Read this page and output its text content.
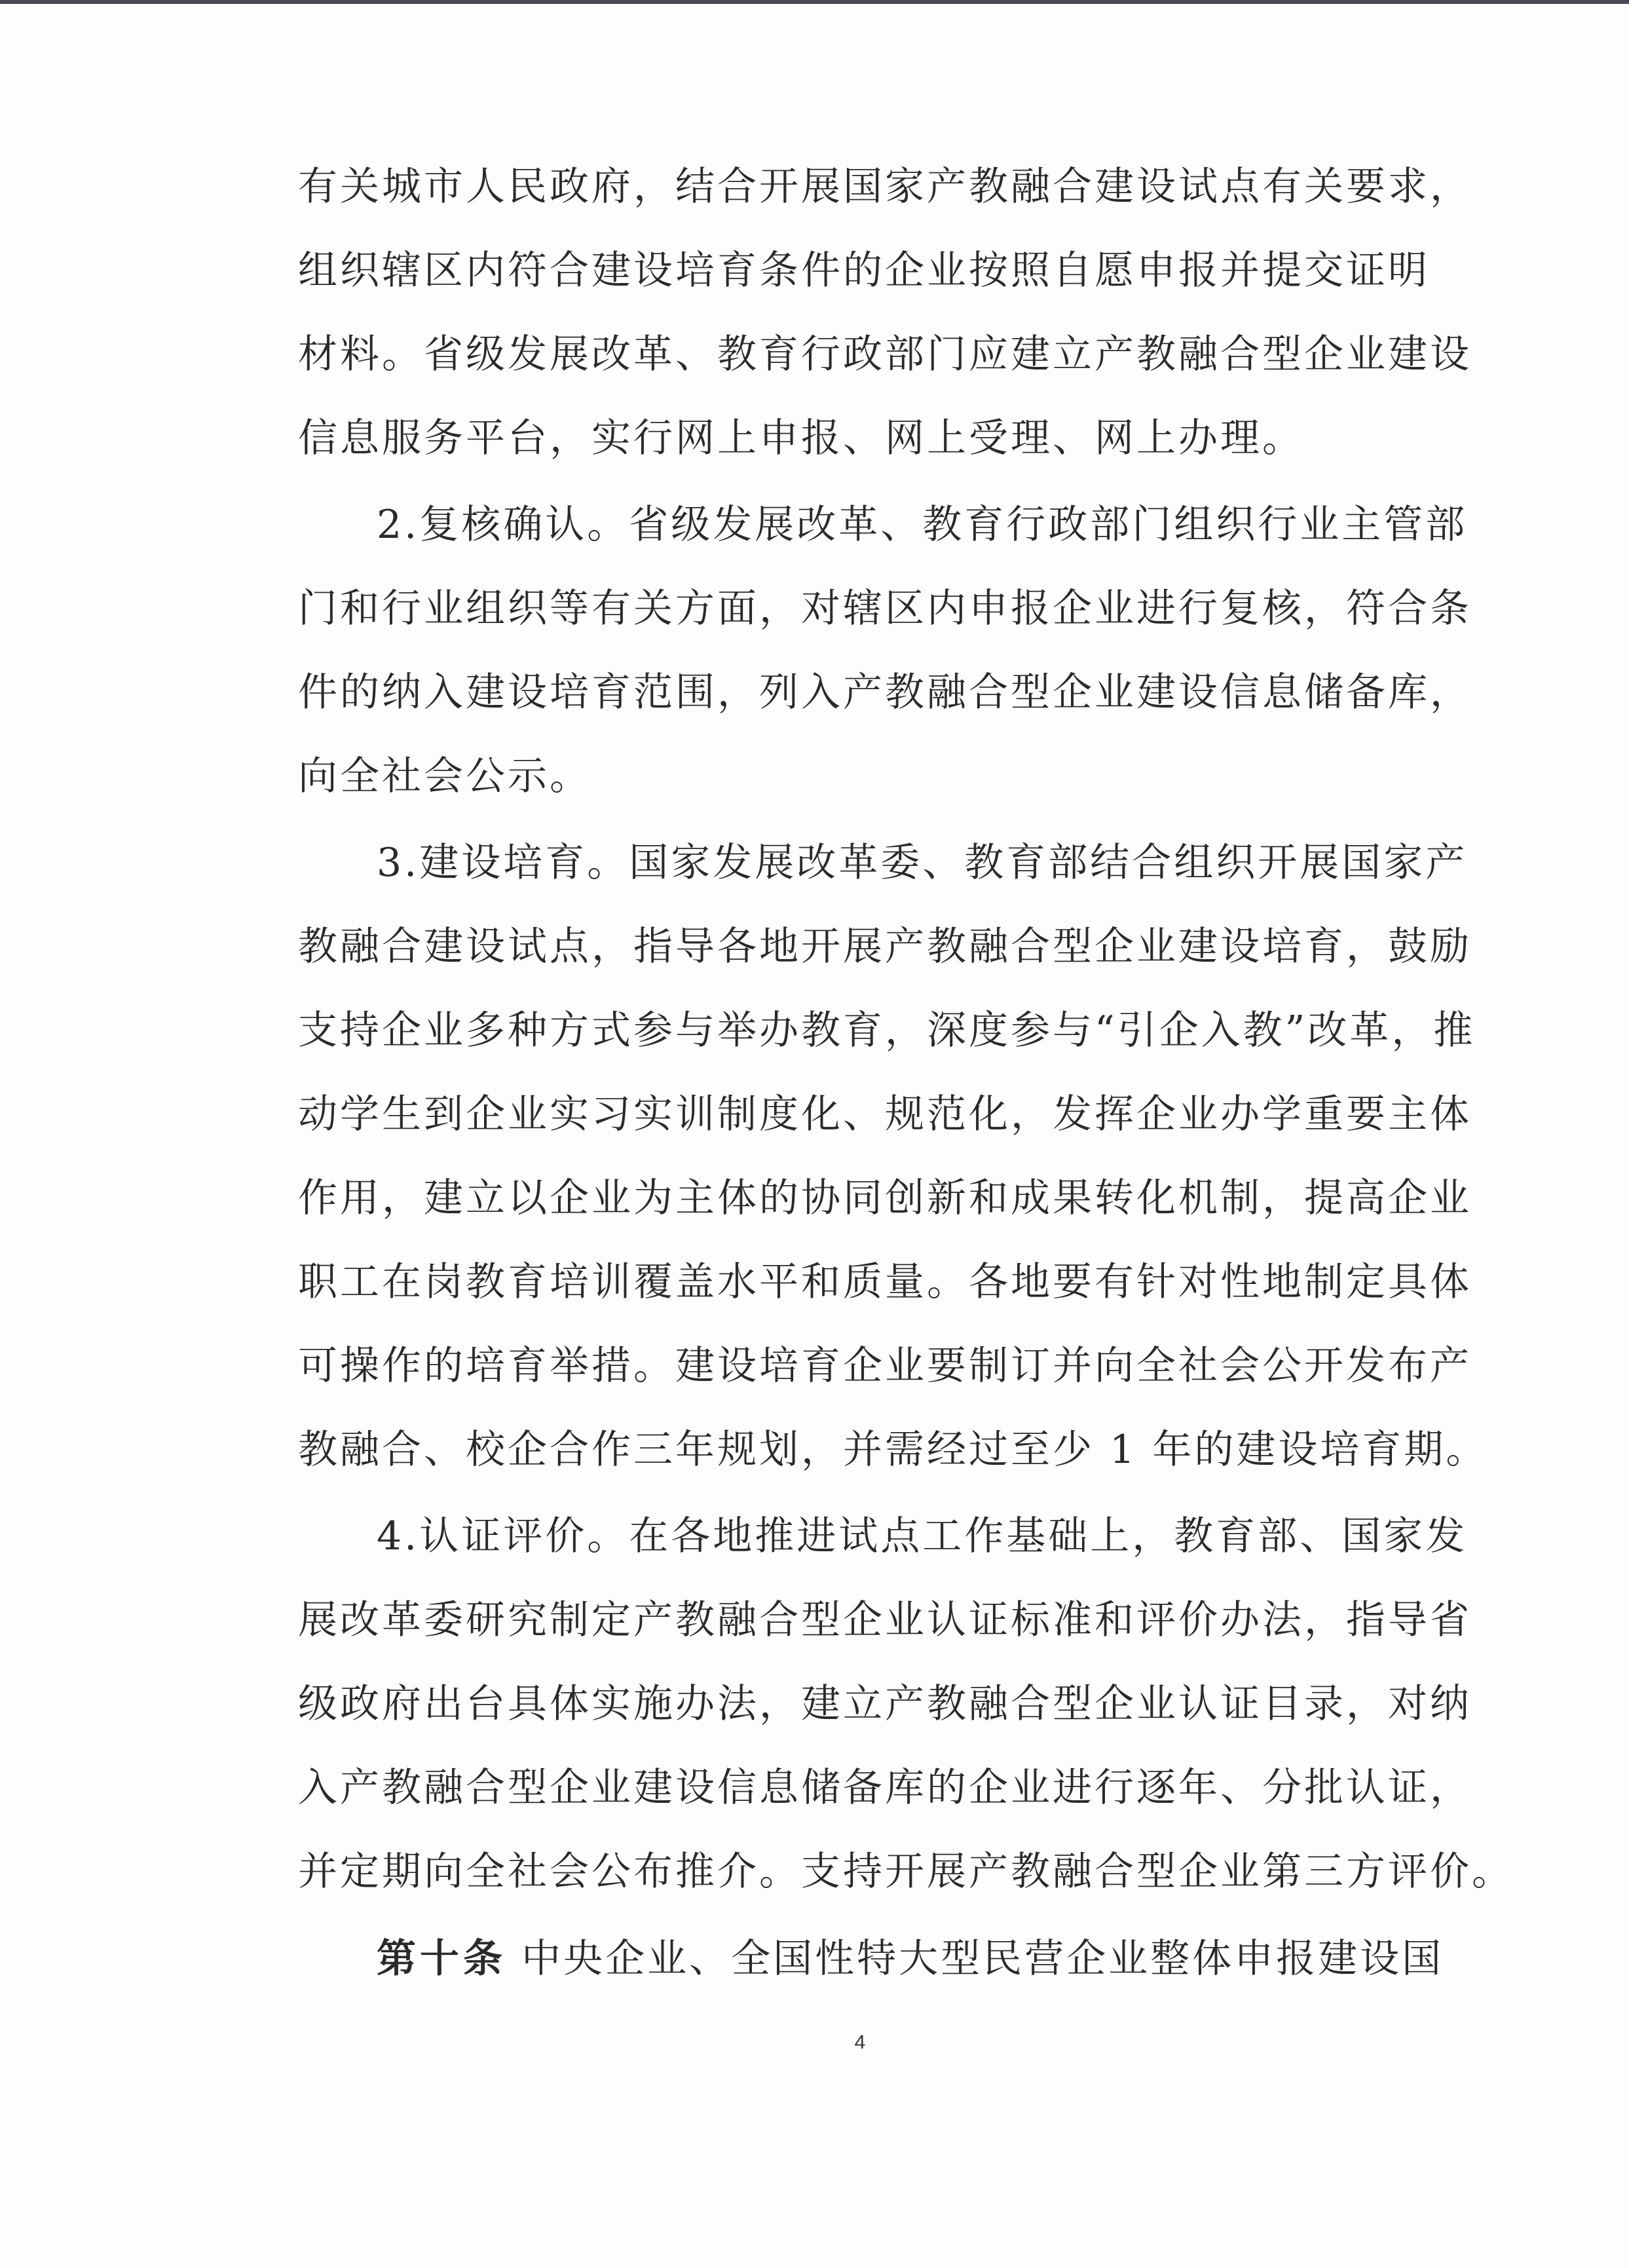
有关城市人民政府，结合开展国家产教融合建设试点有关要求，
组织辖区内符合建设培育条件的企业按照自愿申报并提交证明
材料。省级发展改革、教育行政部门应建立产教融合型企业建设
信息服务平台，实行网上申报、网上受理、网上办理。
2.复核确认。省级发展改革、教育行政部门组织行业主管部
门和行业组织等有关方面，对辖区内申报企业进行复核，符合条
件的纳入建设培育范围，列入产教融合型企业建设信息储备库，
向全社会公示。
3.建设培育。国家发展改革委、教育部结合组织开展国家产
教融合建设试点，指导各地开展产教融合型企业建设培育，鼓励
支持企业多种方式参与举办教育，深度参与“引企入教”改革，推
动学生到企业实习实训制度化、规范化，发挥企业办学重要主体
作用，建立以企业为主体的协同创新和成果转化机制，提高企业
职工在岗教育培训覆盖水平和质量。各地要有针对性地制定具体
可操作的培育举措。建设培育企业要制订并向全社会公开发布产
教融合、校企合作三年规划，并需经过至少 1 年的建设培育期。
4.认证评价。在各地推进试点工作基础上，教育部、国家发
展改革委研究制定产教融合型企业认证标准和评价办法，指导省
级政府出台具体实施办法，建立产教融合型企业认证目录，对纳
入产教融合型企业建设信息储备库的企业进行逐年、分批认证，
并定期向全社会公布推介。支持开展产教融合型企业第三方评价。
第十条 中央企业、全国性特大型民营企业整体申报建设国
4
